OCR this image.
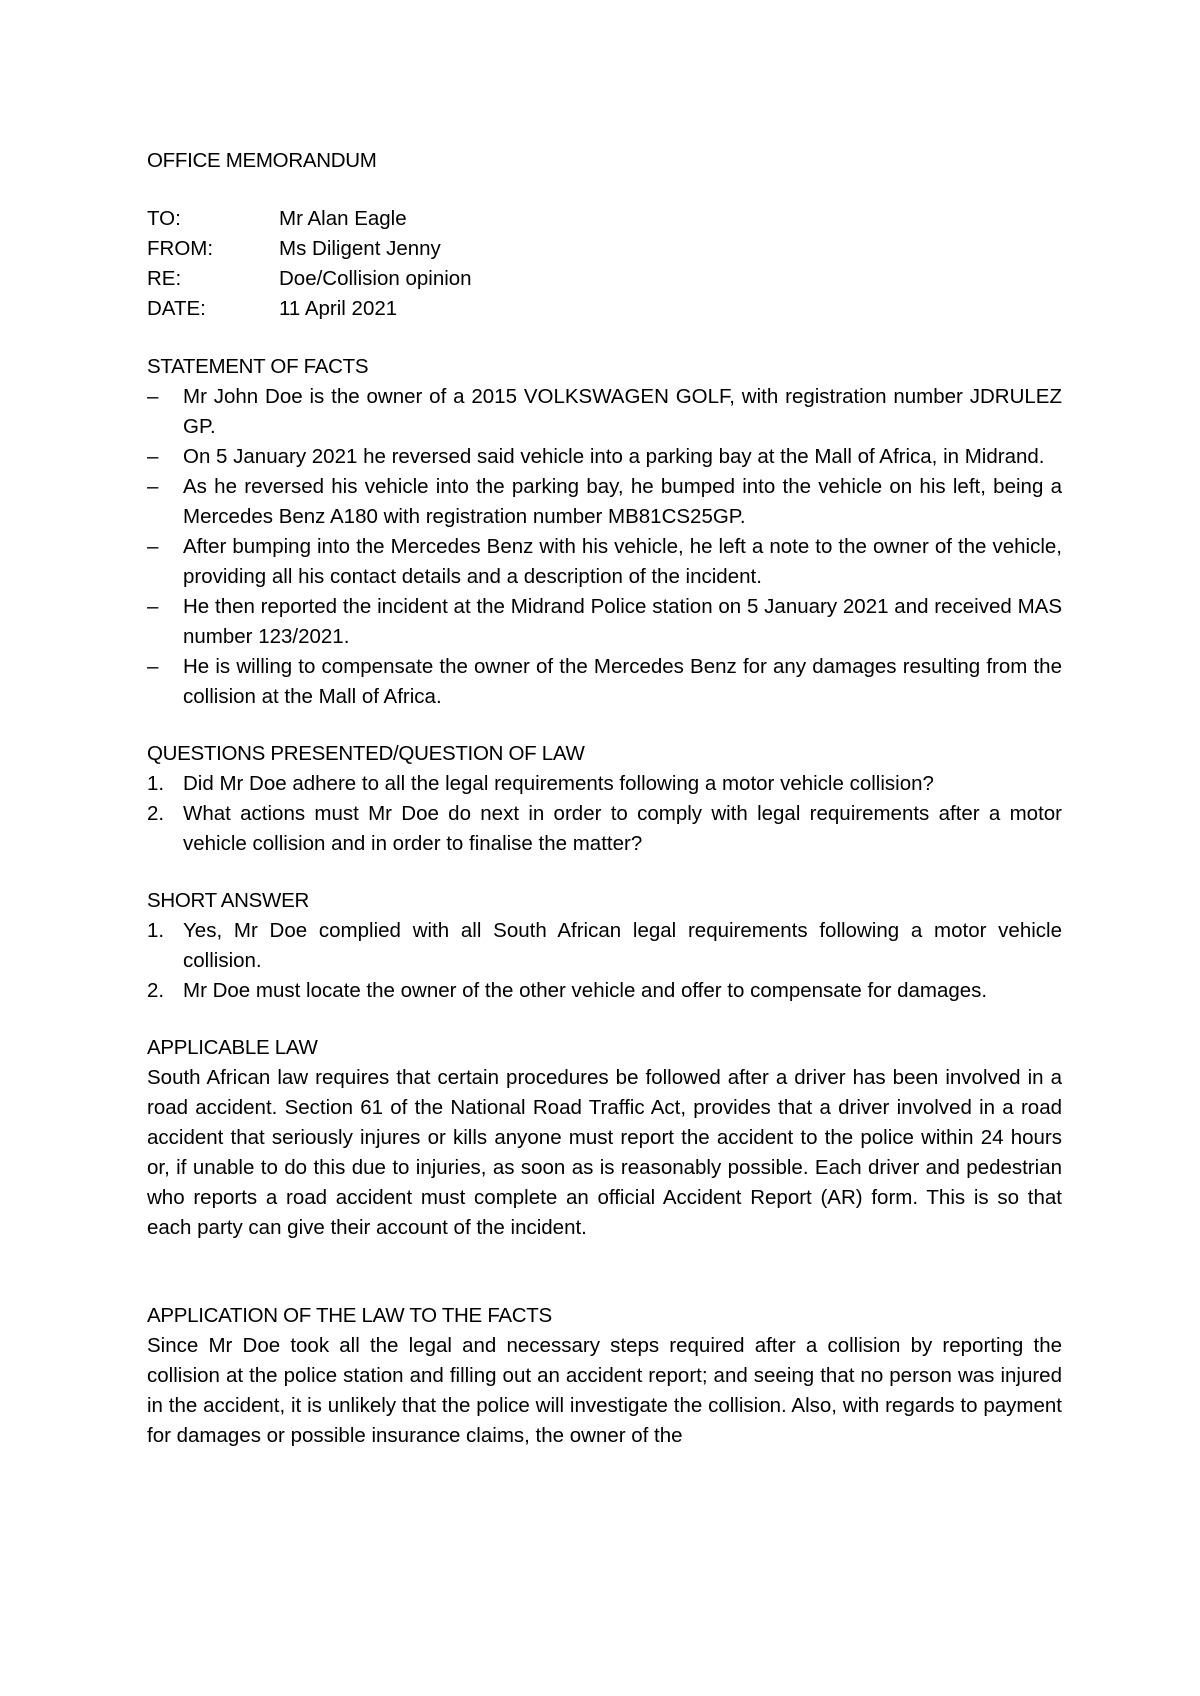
OFFICE MEMORANDUM
TO:	Mr Alan Eagle
FROM:	Ms Diligent Jenny
RE:	Doe/Collision opinion
DATE:	11 April 2021
STATEMENT OF FACTS
–	Mr John Doe is the owner of a 2015 VOLKSWAGEN GOLF, with registration number JDRULEZ GP.
–	On 5 January 2021 he reversed said vehicle into a parking bay at the Mall of Africa, in Midrand.
–	As he reversed his vehicle into the parking bay, he bumped into the vehicle on his left, being a Mercedes Benz A180 with registration number MB81CS25GP.
–	After bumping into the Mercedes Benz with his vehicle, he left a note to the owner of the vehicle, providing all his contact details and a description of the incident.
–	He then reported the incident at the Midrand Police station on 5 January 2021 and received MAS number 123/2021.
–	He is willing to compensate the owner of the Mercedes Benz for any damages resulting from the collision at the Mall of Africa.
QUESTIONS PRESENTED/QUESTION OF LAW
1. Did Mr Doe adhere to all the legal requirements following a motor vehicle collision?
2. What actions must Mr Doe do next in order to comply with legal requirements after a motor vehicle collision and in order to finalise the matter?
SHORT ANSWER
1. Yes, Mr Doe complied with all South African legal requirements following a motor vehicle collision.
2. Mr Doe must locate the owner of the other vehicle and offer to compensate for damages.
APPLICABLE LAW

South African law requires that certain procedures be followed after a driver has been involved in a road accident. Section 61 of the National Road Traffic Act, provides that a driver involved in a road accident that seriously injures or kills anyone must report the accident to the police within 24 hours or, if unable to do this due to injuries, as soon as is reasonably possible. Each driver and pedestrian who reports a road accident must complete an official Accident Report (AR) form. This is so that each party can give their account of the incident.

APPLICATION OF THE LAW TO THE FACTS

Since Mr Doe took all the legal and necessary steps required after a collision by reporting the collision at the police station and filling out an accident report; and seeing that no person was injured in the accident, it is unlikely that the police will investigate the collision. Also, with regards to payment for damages or possible insurance claims, the owner of the
